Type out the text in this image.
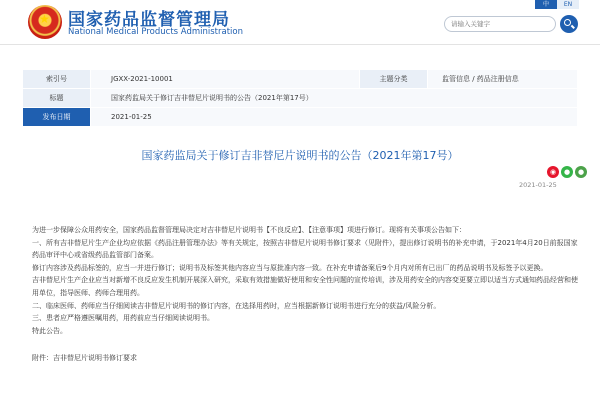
★ 国家药品监督管理局
National Medical Products Administration
中	EN
请输入关键字
索引号	JGXX-2021-10001	主题分类	监管信息 / 药品注册信息
标题	国家药监局关于修订吉非替尼片说明书的公告（2021年第17号）		
发布日期	2021-01-25		
国家药监局关于修订吉非替尼片说明书的公告（2021年第17号）
◉	●	●
2021-01-25

为进一步保障公众用药安全，国家药品监督管理局决定对吉非替尼片说明书【不良反应】、【注意事项】项进行修订。现将有关事项公告如下：

一、所有吉非替尼片生产企业均应依据《药品注册管理办法》等有关规定，按照吉非替尼片说明书修订要求（见附件），提出修订说明书的补充申请，于2021年4月20日前报国家药品审评中心或省级药品监管部门备案。

修订内容涉及药品标签的，应当一并进行修订；说明书及标签其他内容应当与原批准内容一致。在补充申请备案后9个月内对所有已出厂的药品说明书及标签予以更换。

吉非替尼片生产企业应当对新增不良反应发生机制开展深入研究，采取有效措施做好使用和安全性问题的宣传培训，涉及用药安全的内容变更要立即以适当方式通知药品经营和使用单位，指导医师、药师合理用药。

二、临床医师、药师应当仔细阅读吉非替尼片说明书的修订内容，在选择用药时，应当根据新修订说明书进行充分的获益/风险分析。

三、患者应严格遵医嘱用药，用药前应当仔细阅读说明书。

特此公告。

附件：吉非替尼片说明书修订要求
